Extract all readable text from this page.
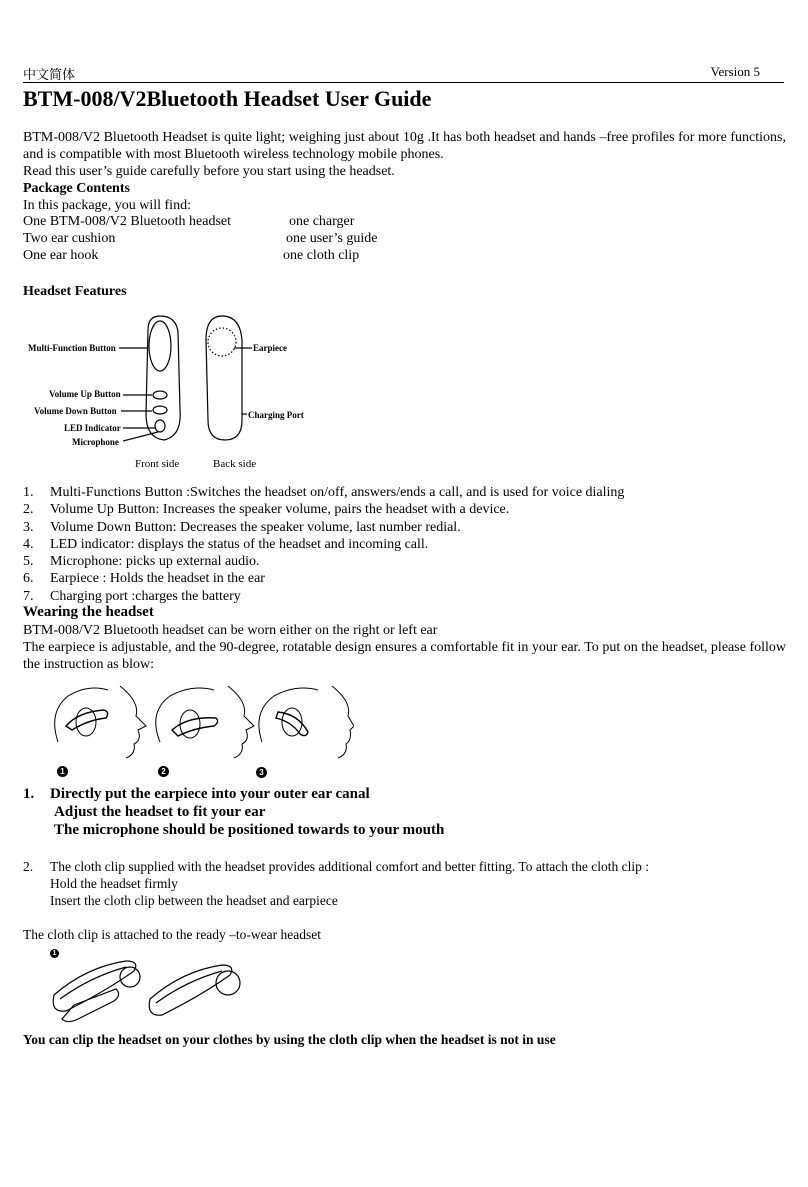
中文简体	Version 5
BTM-008/V2Bluetooth Headset User Guide
BTM-008/V2 Bluetooth Headset is quite light; weighing just about 10g .It has both headset and hands –free profiles for more functions, and is compatible with most Bluetooth wireless technology mobile phones.
Read this user’s guide carefully before you start using the headset.
Package Contents
In this package, you will find:
One BTM-008/V2 Bluetooth headset	one charger
Two ear cushion	one user’s guide
One ear hook	one cloth clip
Headset Features
Multi-Function Button
Volume Up Button
Volume Down Button
LED Indicator
Microphone
Earpiece
Charging Port
Front side	Back side
1. Multi-Functions Button :Switches the headset on/off, answers/ends a call, and is used for voice dialing
2. Volume Up Button: Increases the speaker volume, pairs the headset with a device.
3. Volume Down Button: Decreases the speaker volume, last number redial.
4. LED indicator: displays the status of the headset and incoming call.
5. Microphone: picks up external audio.
6. Earpiece : Holds the headset in the ear
7. Charging port :charges the battery
Wearing the headset
BTM-008/V2 Bluetooth headset can be worn either on the right or left ear
The earpiece is adjustable, and the 90-degree, rotatable design ensures a comfortable fit in your ear. To put on the headset, please follow the instruction as blow:
1	2	3
1.	Directly put the earpiece into your outer ear canal
Adjust the headset to fit your ear
The microphone should be positioned towards to your mouth
2.	The cloth clip supplied with the headset provides additional comfort and better fitting. To attach the cloth clip :
Hold the headset firmly
Insert the cloth clip between the headset and earpiece
The cloth clip is attached to the ready –to-wear headset
1
You can clip the headset on your clothes by using the cloth clip when the headset is not in use
